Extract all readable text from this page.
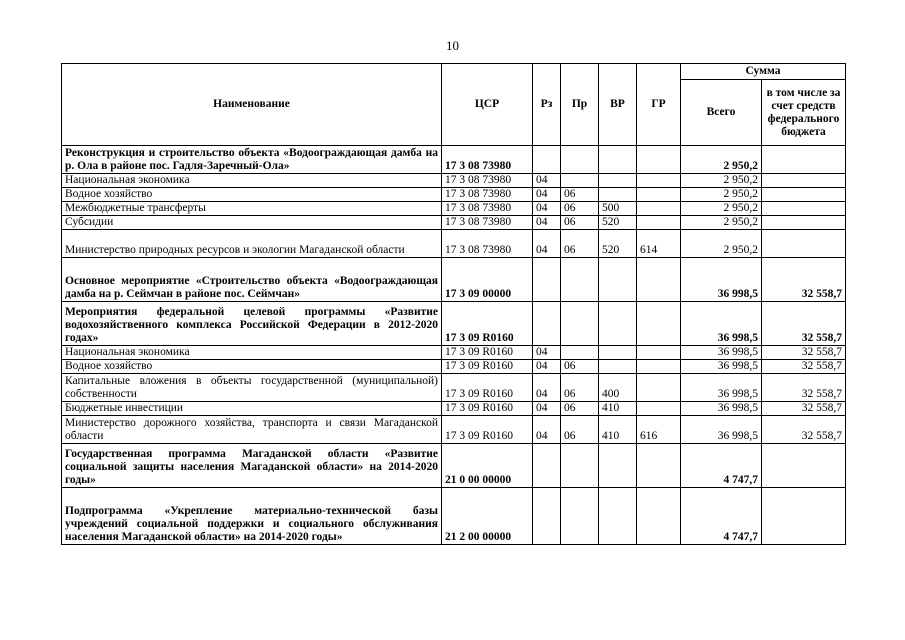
10
Наименование	ЦСР	Рз	Пр	ВР	ГР	Сумма	
						Всего	в том числе за счет средств федерального бюджета
Реконструкция и строительство объекта «Водоограждающая дамба на р. Ола в районе пос. Гадля-Заречный-Ола»	17 3 08 73980					2 950,2	
Национальная экономика	17 3 08 73980	04				2 950,2	
Водное хозяйство	17 3 08 73980	04	06			2 950,2	
Межбюджетные трансферты	17 3 08 73980	04	06	500		2 950,2	
Субсидии	17 3 08 73980	04	06	520		2 950,2	
Министерство природных ресурсов и экологии Магаданской области	17 3 08 73980	04	06	520	614	2 950,2	
Основное мероприятие «Строительство объекта «Водоограждающая дамба на р. Сеймчан в районе пос. Сеймчан»	17 3 09 00000					36 998,5	32 558,7
Мероприятия федеральной целевой программы «Развитие водохозяйственного комплекса Российской Федерации в 2012-2020 годах»	17 3 09 R0160					36 998,5	32 558,7
Национальная экономика	17 3 09 R0160	04				36 998,5	32 558,7
Водное хозяйство	17 3 09 R0160	04	06			36 998,5	32 558,7
Капитальные вложения в объекты государственной (муниципальной) собственности	17 3 09 R0160	04	06	400		36 998,5	32 558,7
Бюджетные инвестиции	17 3 09 R0160	04	06	410		36 998,5	32 558,7
Министерство дорожного хозяйства, транспорта и связи Магаданской области	17 3 09 R0160	04	06	410	616	36 998,5	32 558,7
Государственная программа Магаданской области «Развитие социальной защиты населения Магаданской области» на 2014-2020 годы»	21 0 00 00000					4 747,7	
Подпрограмма «Укрепление материально-технической базы учреждений социальной поддержки и социального обслуживания населения Магаданской области» на 2014-2020 годы»	21 2 00 00000					4 747,7	
